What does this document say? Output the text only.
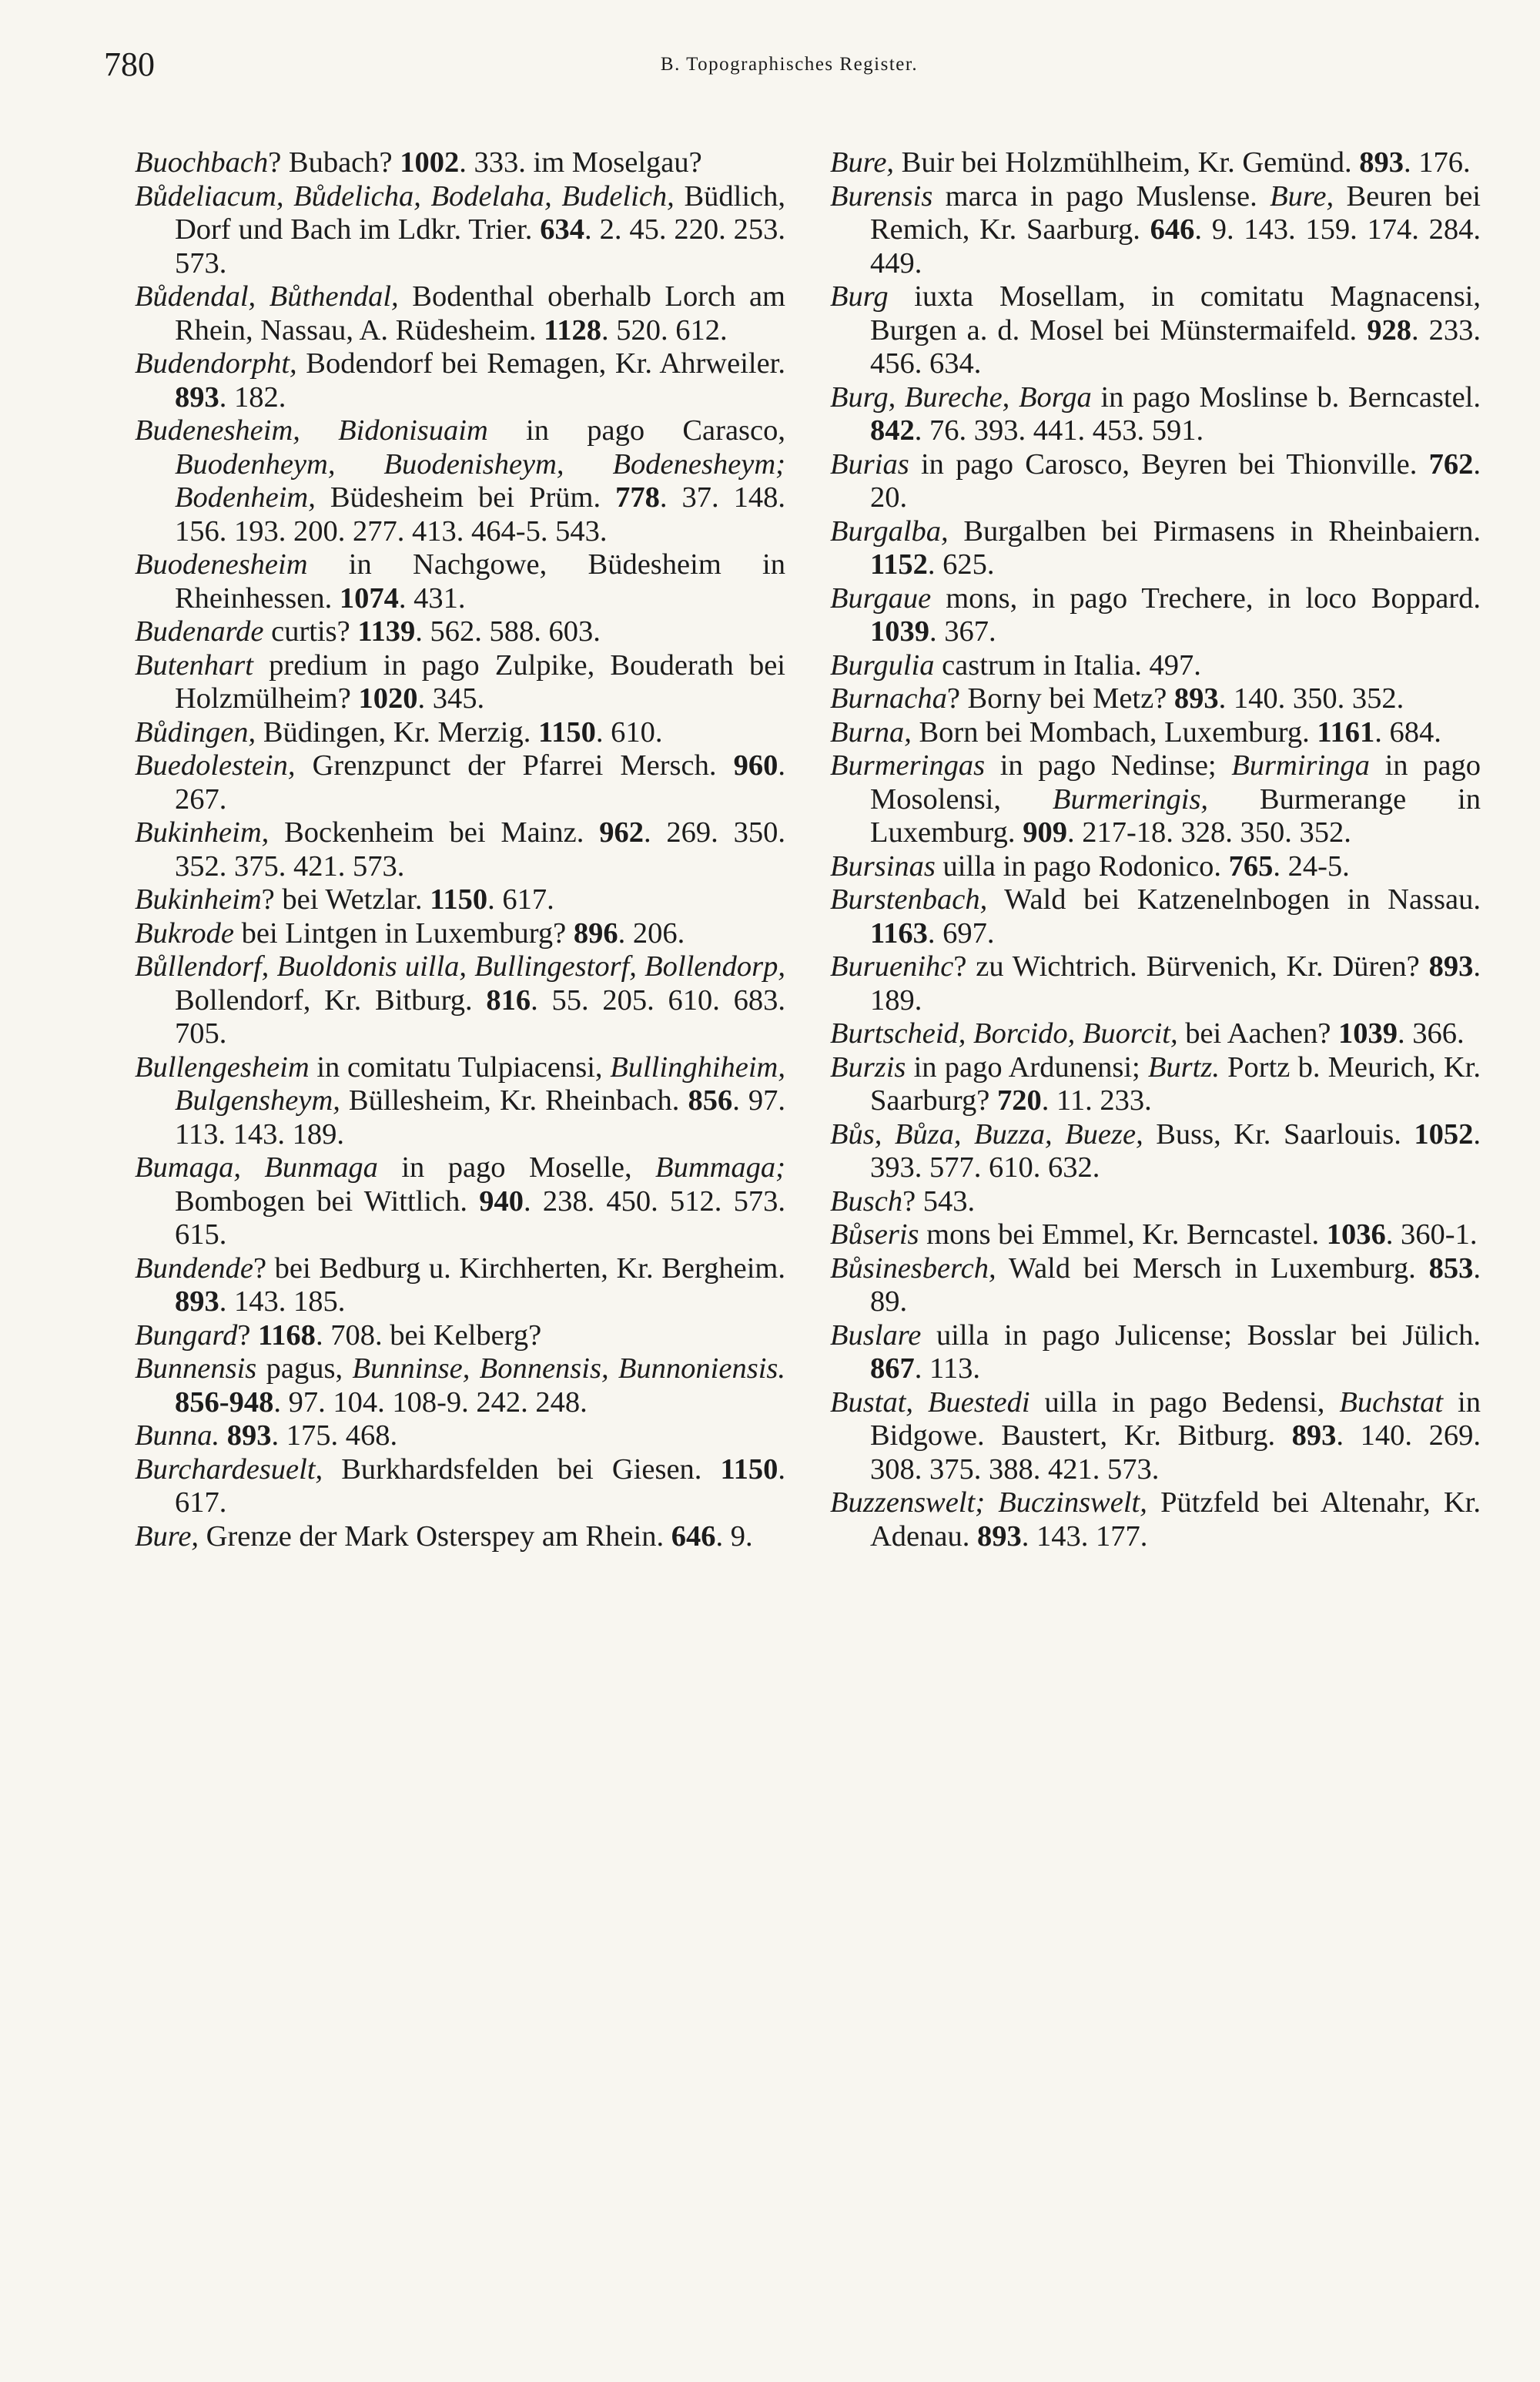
780	B. Topographisches Register.

Buochbach? Bubach? 1002. 333. im Moselgau?

Bůdeliacum, Bůdelicha, Bodelaha, Budelich, Büdlich, Dorf und Bach im Ldkr. Trier. 634. 2. 45. 220. 253. 573.

Bůdendal, Bůthendal, Bodenthal oberhalb Lorch am Rhein, Nassau, A. Rüdesheim. 1128. 520. 612.

Budendorpht, Bodendorf bei Remagen, Kr. Ahrweiler. 893. 182.

Budenesheim, Bidonisuaim in pago Carasco, Buodenheym, Buodenisheym, Bodenesheym; Bodenheim, Büdesheim bei Prüm. 778. 37. 148. 156. 193. 200. 277. 413. 464-5. 543.

Buodenesheim in Nachgowe, Büdesheim in Rheinhessen. 1074. 431.

Budenarde curtis? 1139. 562. 588. 603.

Butenhart predium in pago Zulpike, Bouderath bei Holzmülheim? 1020. 345.

Bůdingen, Büdingen, Kr. Merzig. 1150. 610.

Buedolestein, Grenzpunct der Pfarrei Mersch. 960. 267.

Bukinheim, Bockenheim bei Mainz. 962. 269. 350. 352. 375. 421. 573.

Bukinheim? bei Wetzlar. 1150. 617.

Bukrode bei Lintgen in Luxemburg? 896. 206.

Bůllendorf, Buoldonis uilla, Bullingestorf, Bollendorp, Bollendorf, Kr. Bitburg. 816. 55. 205. 610. 683. 705.

Bullengesheim in comitatu Tulpiacensi, Bullinghiheim, Bulgensheym, Büllesheim, Kr. Rheinbach. 856. 97. 113. 143. 189.

Bumaga, Bunmaga in pago Moselle, Bummaga; Bombogen bei Wittlich. 940. 238. 450. 512. 573. 615.

Bundende? bei Bedburg u. Kirchherten, Kr. Bergheim. 893. 143. 185.

Bungard? 1168. 708. bei Kelberg?

Bunnensis pagus, Bunninse, Bonnensis, Bunnoniensis. 856-948. 97. 104. 108-9. 242. 248.

Bunna. 893. 175. 468.

Burchardesuelt, Burkhardsfelden bei Giesen. 1150. 617.

Bure, Grenze der Mark Osterspey am Rhein. 646. 9.

Bure, Buir bei Holzmühlheim, Kr. Gemünd. 893. 176.

Burensis marca in pago Muslense. Bure, Beuren bei Remich, Kr. Saarburg. 646. 9. 143. 159. 174. 284. 449.

Burg iuxta Mosellam, in comitatu Magnacensi, Burgen a. d. Mosel bei Münstermaifeld. 928. 233. 456. 634.

Burg, Bureche, Borga in pago Moslinse b. Berncastel. 842. 76. 393. 441. 453. 591.

Burias in pago Carosco, Beyren bei Thionville. 762. 20.

Burgalba, Burgalben bei Pirmasens in Rheinbaiern. 1152. 625.

Burgaue mons, in pago Trechere, in loco Boppard. 1039. 367.

Burgulia castrum in Italia. 497.

Burnacha? Borny bei Metz? 893. 140. 350. 352.

Burna, Born bei Mombach, Luxemburg. 1161. 684.

Burmeringas in pago Nedinse; Burmiringa in pago Mosolensi, Burmeringis, Burmerange in Luxemburg. 909. 217-18. 328. 350. 352.

Bursinas uilla in pago Rodonico. 765. 24-5.

Burstenbach, Wald bei Katzenelnbogen in Nassau. 1163. 697.

Buruenihc? zu Wichtrich. Bürvenich, Kr. Düren? 893. 189.

Burtscheid, Borcido, Buorcit, bei Aachen? 1039. 366.

Burzis in pago Ardunensi; Burtz. Portz b. Meurich, Kr. Saarburg? 720. 11. 233.

Bůs, Bůza, Buzza, Bueze, Buss, Kr. Saarlouis. 1052. 393. 577. 610. 632.

Busch? 543.

Bůseris mons bei Emmel, Kr. Berncastel. 1036. 360-1.

Bůsinesberch, Wald bei Mersch in Luxemburg. 853. 89.

Buslare uilla in pago Julicense; Bosslar bei Jülich. 867. 113.

Bustat, Buestedi uilla in pago Bedensi, Buchstat in Bidgowe. Baustert, Kr. Bitburg. 893. 140. 269. 308. 375. 388. 421. 573.

Buzzenswelt; Buczinswelt, Pützfeld bei Altenahr, Kr. Adenau. 893. 143. 177.
